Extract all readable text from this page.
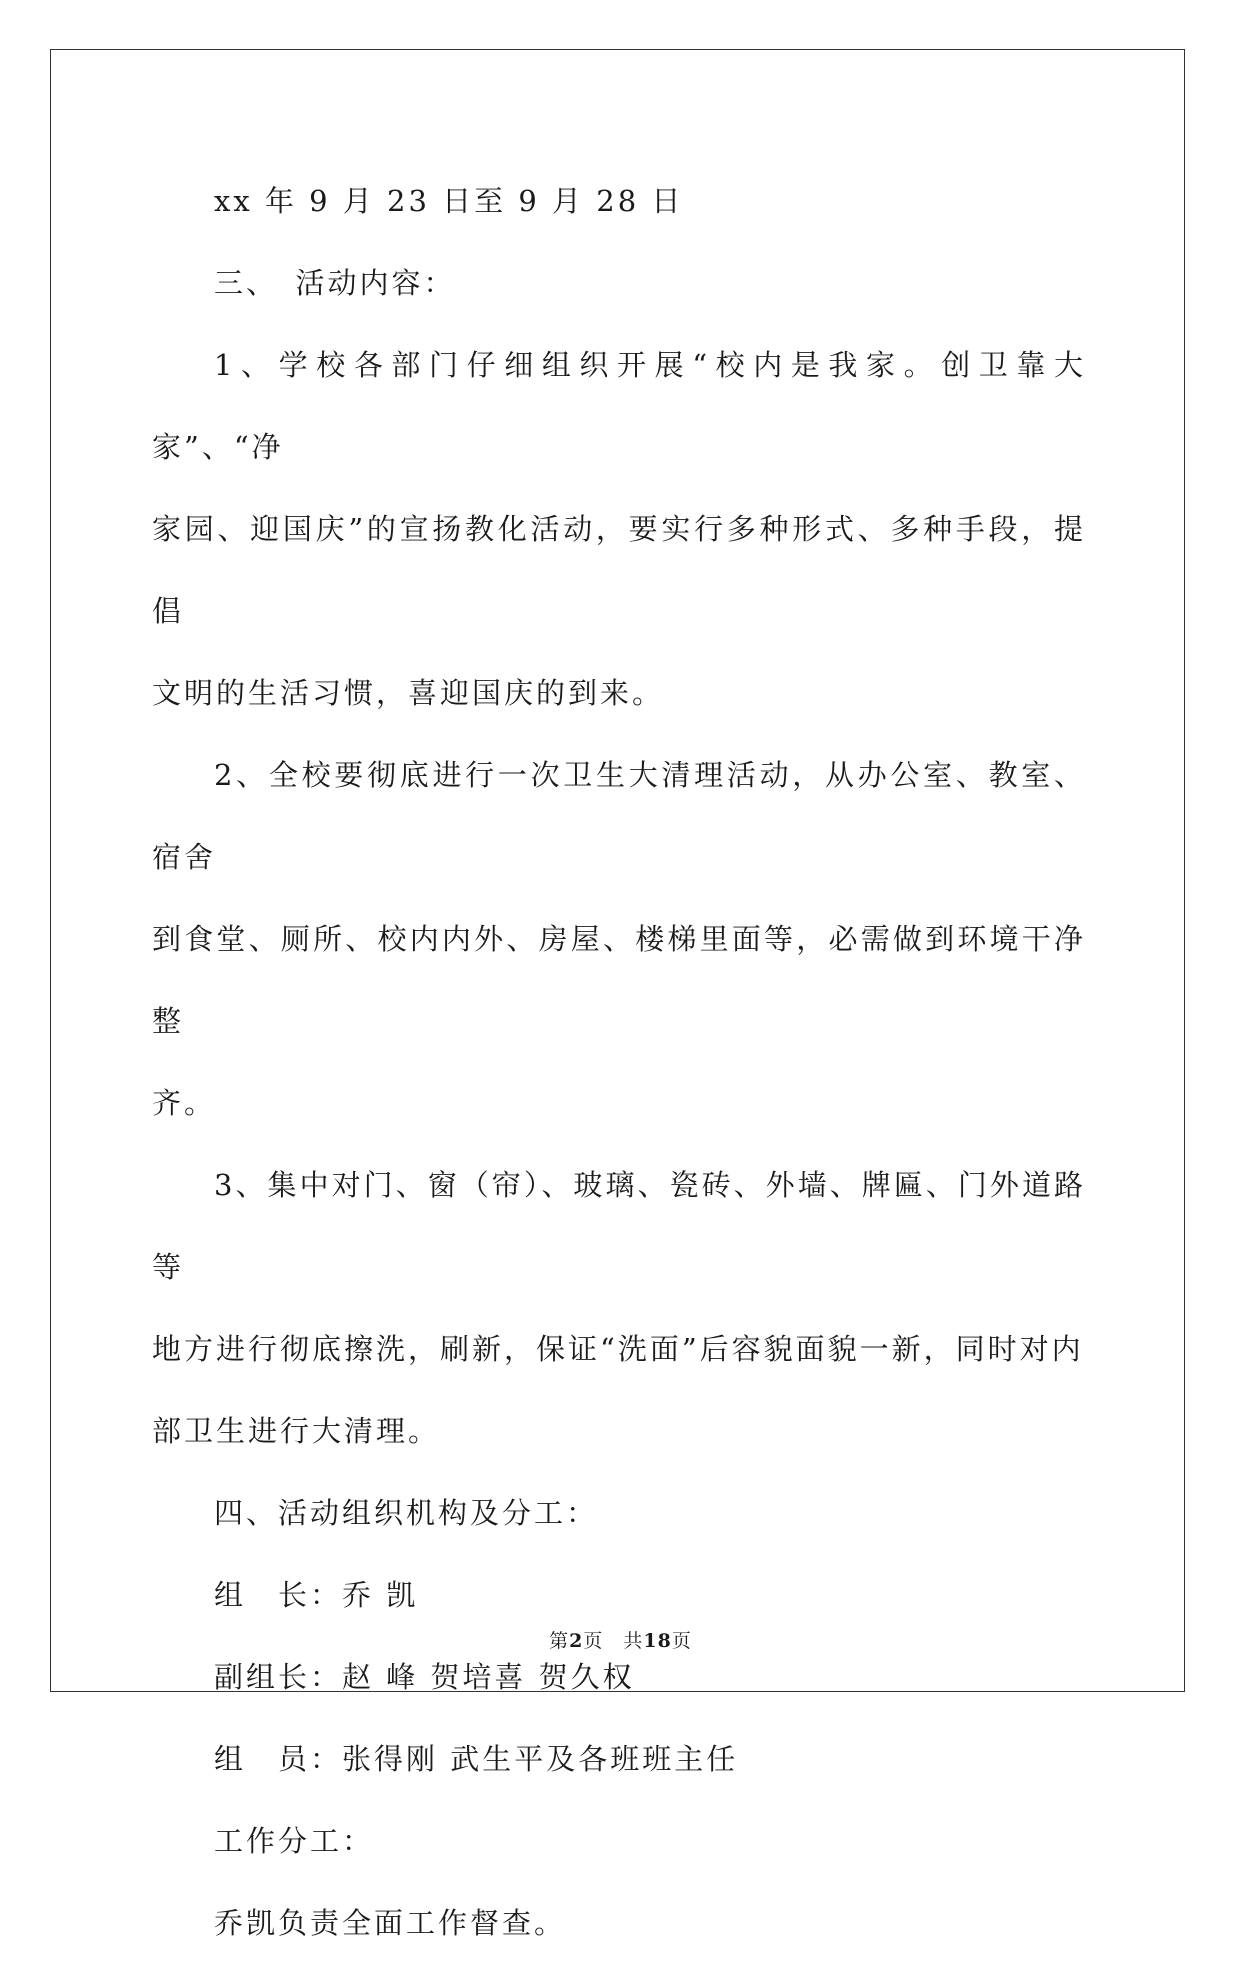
xx 年 9 月 23 日至 9 月 28 日

三、　活动内容：

1、学校各部门仔细组织开展“校内是我家。创卫靠大家”、“净

家园、迎国庆”的宣扬教化活动，要实行多种形式、多种手段，提倡

文明的生活习惯，喜迎国庆的到来。

2、全校要彻底进行一次卫生大清理活动，从办公室、教室、宿舍

到食堂、厕所、校内内外、房屋、楼梯里面等，必需做到环境干净整

齐。

3、集中对门、窗（帘）、玻璃、瓷砖、外墙、牌匾、门外道路等

地方进行彻底擦洗，刷新，保证“洗面”后容貌面貌一新，同时对内

部卫生进行大清理。

四、活动组织机构及分工：

组　长：乔 凯

副组长：赵 峰 贺培喜 贺久权

组　员：张得刚 武生平及各班班主任

工作分工：

乔凯负责全面工作督查。

第2页　共18页
